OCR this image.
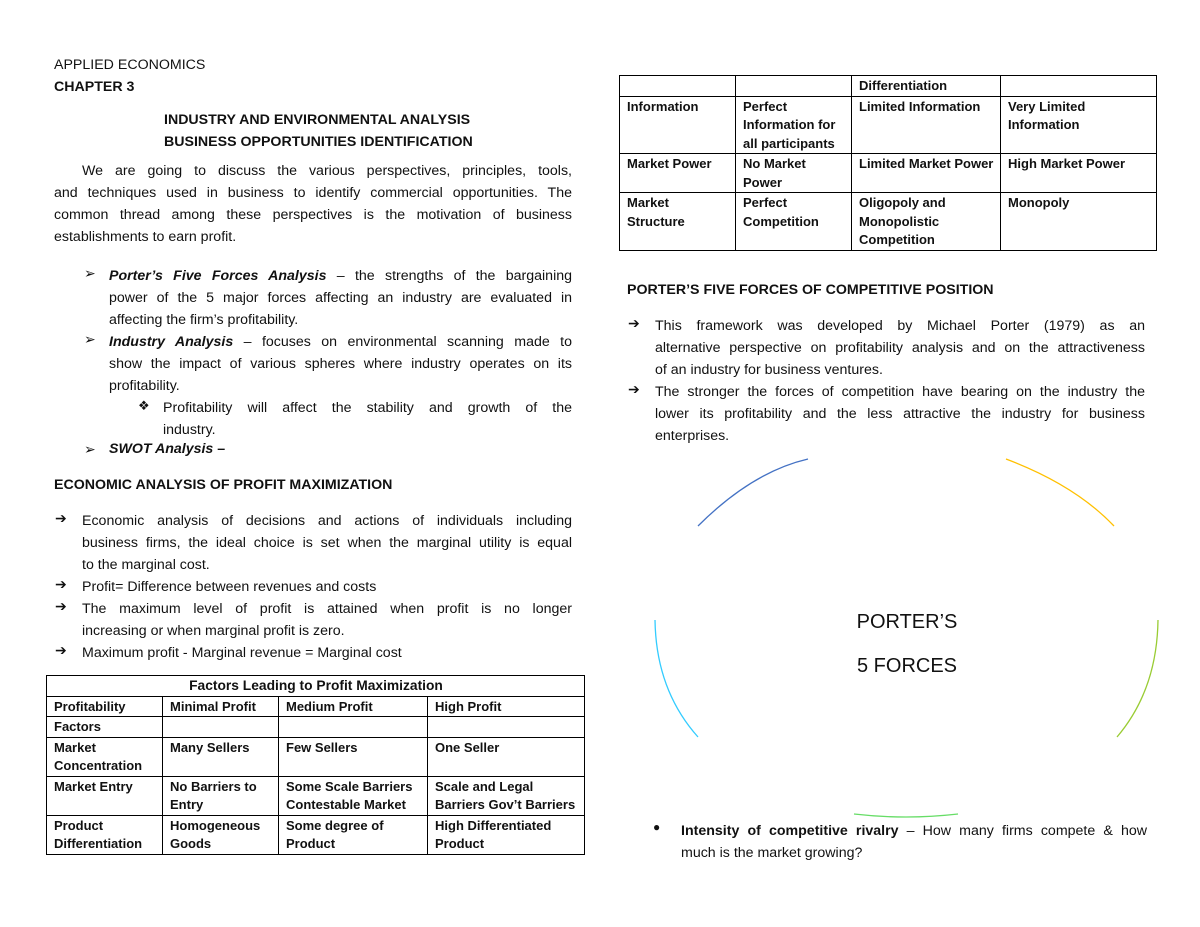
APPLIED ECONOMICS
CHAPTER 3
INDUSTRY AND ENVIRONMENTAL ANALYSIS
BUSINESS OPPORTUNITIES IDENTIFICATION
We are going to discuss the various perspectives, principles, tools,
and techniques used in business to identify commercial opportunities. The
common thread among these perspectives is the motivation of business
establishments to earn profit.
➢ Porter’s Five Forces Analysis – the strengths of the bargaining
power of the 5 major forces affecting an industry are evaluated in
affecting the firm’s profitability.
➢ Industry Analysis – focuses on environmental scanning made to
show the impact of various spheres where industry operates on its
profitability.
❖ Profitability will affect the stability and growth of the
industry.
➢ SWOT Analysis –
ECONOMIC ANALYSIS OF PROFIT MAXIMIZATION
➔ Economic analysis of decisions and actions of individuals including
business firms, the ideal choice is set when the marginal utility is equal
to the marginal cost.
➔ Profit= Difference between revenues and costs
➔ The maximum level of profit is attained when profit is no longer
increasing or when marginal profit is zero.
➔ Maximum profit - Marginal revenue = Marginal cost
Factors Leading to Profit Maximization			
Profitability	Minimal Profit	Medium Profit	High Profit
Factors			
Market Concentration	Many Sellers	Few Sellers	One Seller
Market Entry	No Barriers to Entry	Some Scale Barriers Contestable Market	Scale and Legal Barriers Gov’t Barriers
Product Differentiation	Homogeneous Goods	Some degree of Product	High Differentiated Product
		Differentiation	
Information	Perfect Information for all participants	Limited Information	Very Limited Information
Market Power	No Market Power	Limited Market Power	High Market Power
Market Structure	Perfect Competition	Oligopoly and Monopolistic Competition	Monopoly
PORTER’S FIVE FORCES OF COMPETITIVE POSITION
➔ This framework was developed by Michael Porter (1979) as an
alternative perspective on profitability analysis and on the attractiveness
of an industry for business ventures.
➔ The stronger the forces of competition have bearing on the industry the
lower its profitability and the less attractive the industry for business
enterprises.
PORTER’S
5 FORCES
● Intensity of competitive rivalry – How many firms compete & how
much is the market growing?
